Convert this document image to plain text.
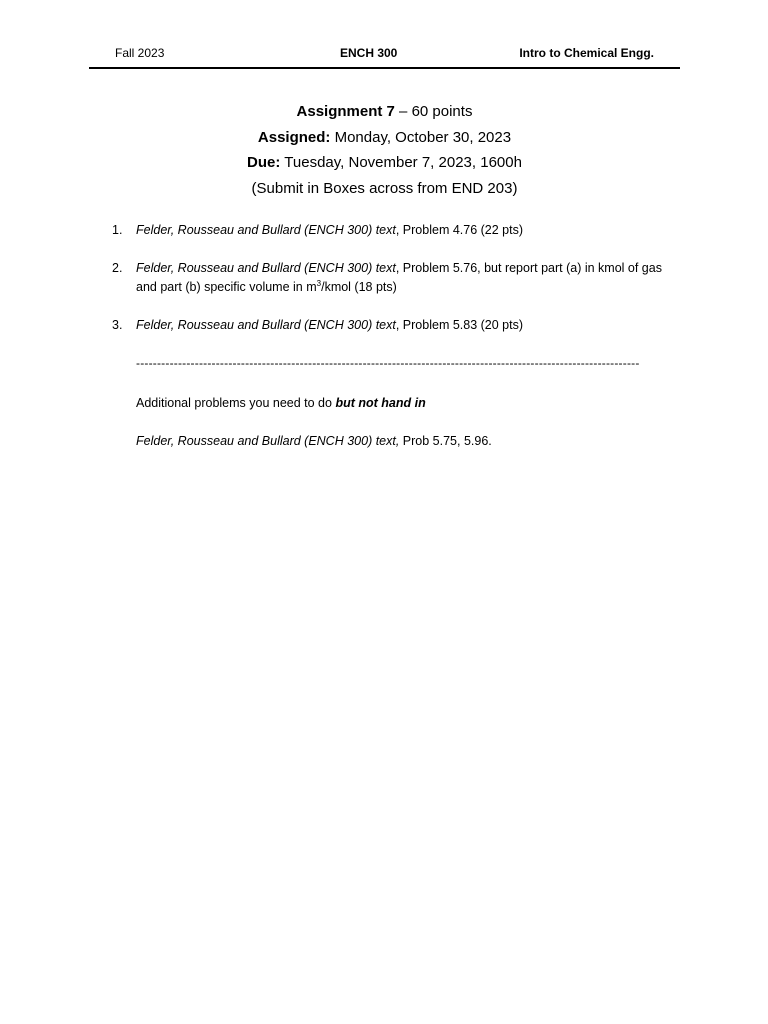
Fall 2023	ENCH 300	Intro to Chemical Engg.
Assignment 7 – 60 points
Assigned: Monday, October 30, 2023
Due: Tuesday, November 7, 2023, 1600h
(Submit in Boxes across from END 203)
1. Felder, Rousseau and Bullard (ENCH 300) text, Problem 4.76 (22 pts)
2. Felder, Rousseau and Bullard (ENCH 300) text, Problem 5.76, but report part (a) in kmol of gas and part (b) specific volume in $m^3$/kmol (18 pts)
3. Felder, Rousseau and Bullard (ENCH 300) text, Problem 5.83 (20 pts)
------------------------------------------------------------------------------------------------------------------------
Additional problems you need to do but not hand in
Felder, Rousseau and Bullard (ENCH 300) text, Prob 5.75, 5.96.
